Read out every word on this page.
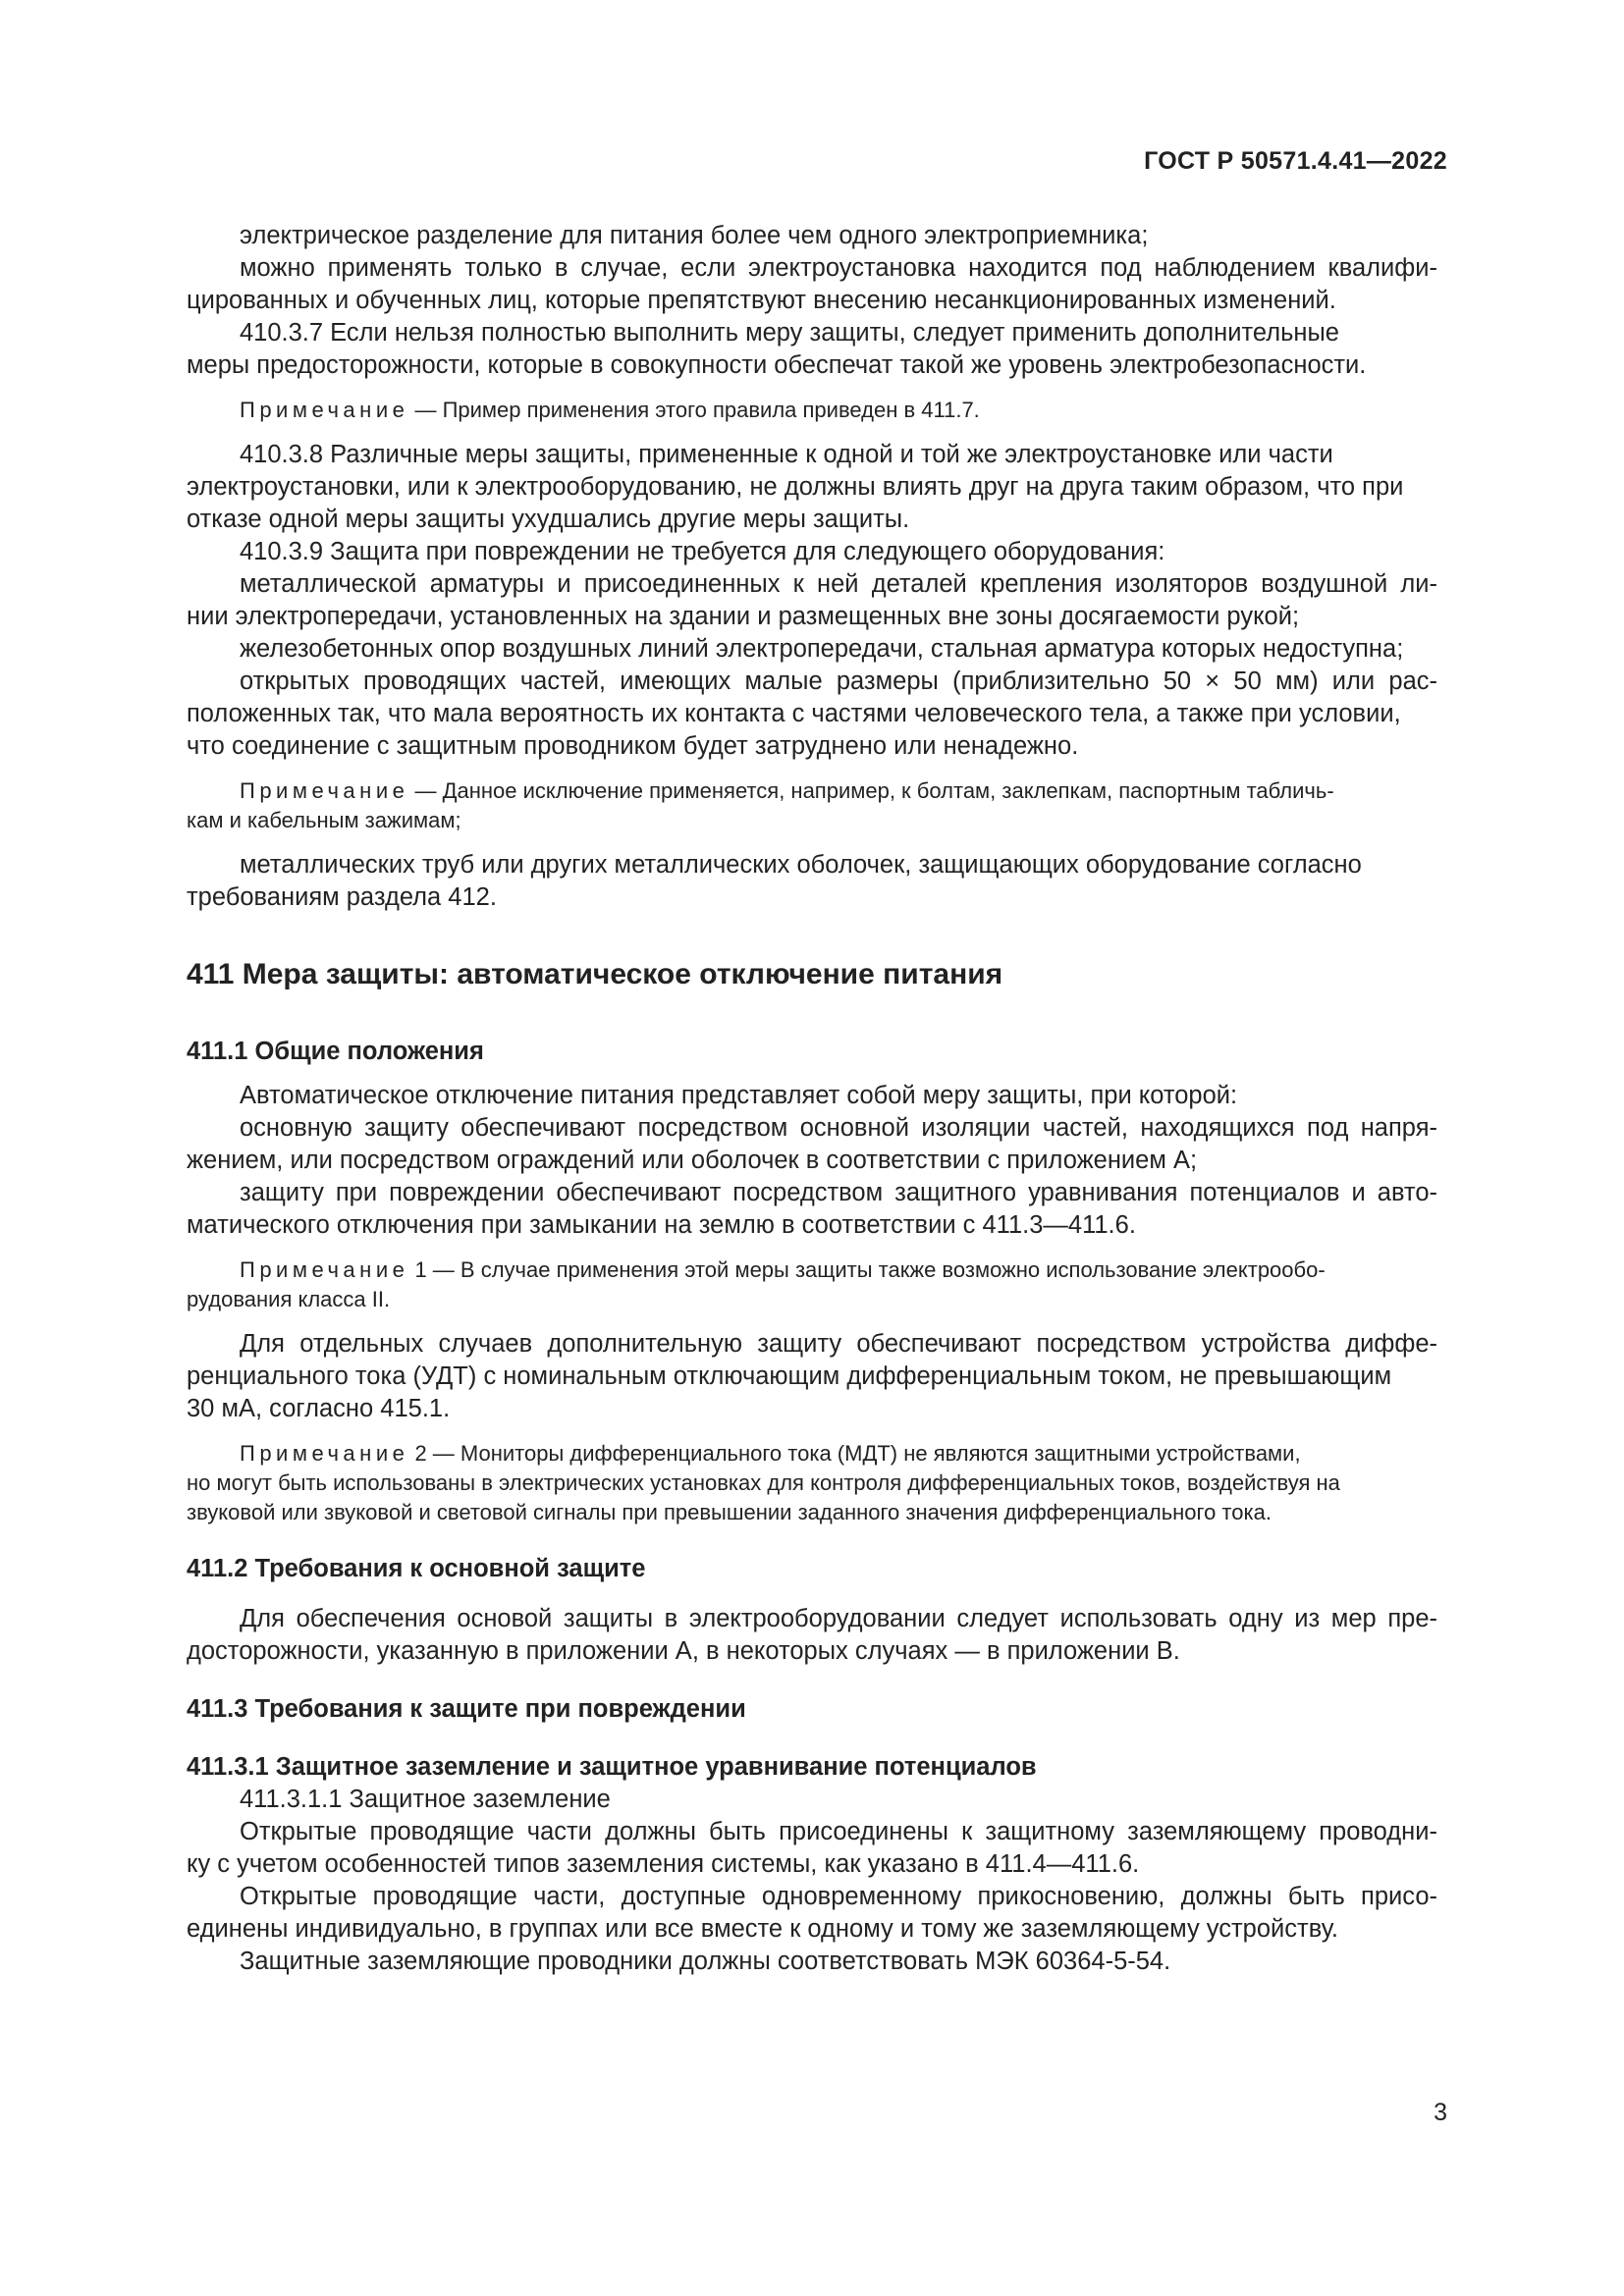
ГОСТ Р 50571.4.41—2022
электрическое разделение для питания более чем одного электроприемника;
можно применять только в случае, если электроустановка находится под наблюдением квалифи-
цированных и обученных лиц, которые препятствуют внесению несанкционированных изменений.
410.3.7 Если нельзя полностью выполнить меру защиты, следует применить дополнительные
меры предосторожности, которые в совокупности обеспечат такой же уровень электробезопасности.

Примечание — Пример применения этого правила приведен в 411.7.

410.3.8 Различные меры защиты, примененные к одной и той же электроустановке или части
электроустановки, или к электрооборудованию, не должны влиять друг на друга таким образом, что при
отказе одной меры защиты ухудшались другие меры защиты.
410.3.9 Защита при повреждении не требуется для следующего оборудования:
металлической арматуры и присоединенных к ней деталей крепления изоляторов воздушной ли-
нии электропередачи, установленных на здании и размещенных вне зоны досягаемости рукой;
железобетонных опор воздушных линий электропередачи, стальная арматура которых недоступна;
открытых проводящих частей, имеющих малые размеры (приблизительно 50 × 50 мм) или рас-
положенных так, что мала вероятность их контакта с частями человеческого тела, а также при условии,
что соединение с защитным проводником будет затруднено или ненадежно.

Примечание — Данное исключение применяется, например, к болтам, заклепкам, паспортным табличь-
кам и кабельным зажимам;

металлических труб или других металлических оболочек, защищающих оборудование согласно
требованиям раздела 412.
411 Мера защиты: автоматическое отключение питания
411.1 Общие положения
Автоматическое отключение питания представляет собой меру защиты, при которой:
основную защиту обеспечивают посредством основной изоляции частей, находящихся под напря-
жением, или посредством ограждений или оболочек в соответствии с приложением А;
защиту при повреждении обеспечивают посредством защитного уравнивания потенциалов и авто-
матического отключения при замыкании на землю в соответствии с 411.3—411.6.

Примечание 1 — В случае применения этой меры защиты также возможно использование электрообо-
рудования класса II.

Для отдельных случаев дополнительную защиту обеспечивают посредством устройства диффе-
ренциального тока (УДТ) с номинальным отключающим дифференциальным током, не превышающим
30 мА, согласно 415.1.

Примечание 2 — Мониторы дифференциального тока (МДТ) не являются защитными устройствами,
но могут быть использованы в электрических установках для контроля дифференциальных токов, воздействуя на
звуковой или звуковой и световой сигналы при превышении заданного значения дифференциального тока.

411.2 Требования к основной защите
Для обеспечения основой защиты в электрооборудовании следует использовать одну из мер пре-
досторожности, указанную в приложении А, в некоторых случаях — в приложении В.
411.3 Требования к защите при повреждении
411.3.1 Защитное заземление и защитное уравнивание потенциалов
411.3.1.1 Защитное заземление
Открытые проводящие части должны быть присоединены к защитному заземляющему проводни-
ку с учетом особенностей типов заземления системы, как указано в 411.4—411.6.
Открытые проводящие части, доступные одновременному прикосновению, должны быть присо-
единены индивидуально, в группах или все вместе к одному и тому же заземляющему устройству.
Защитные заземляющие проводники должны соответствовать МЭК 60364-5-54.
3
